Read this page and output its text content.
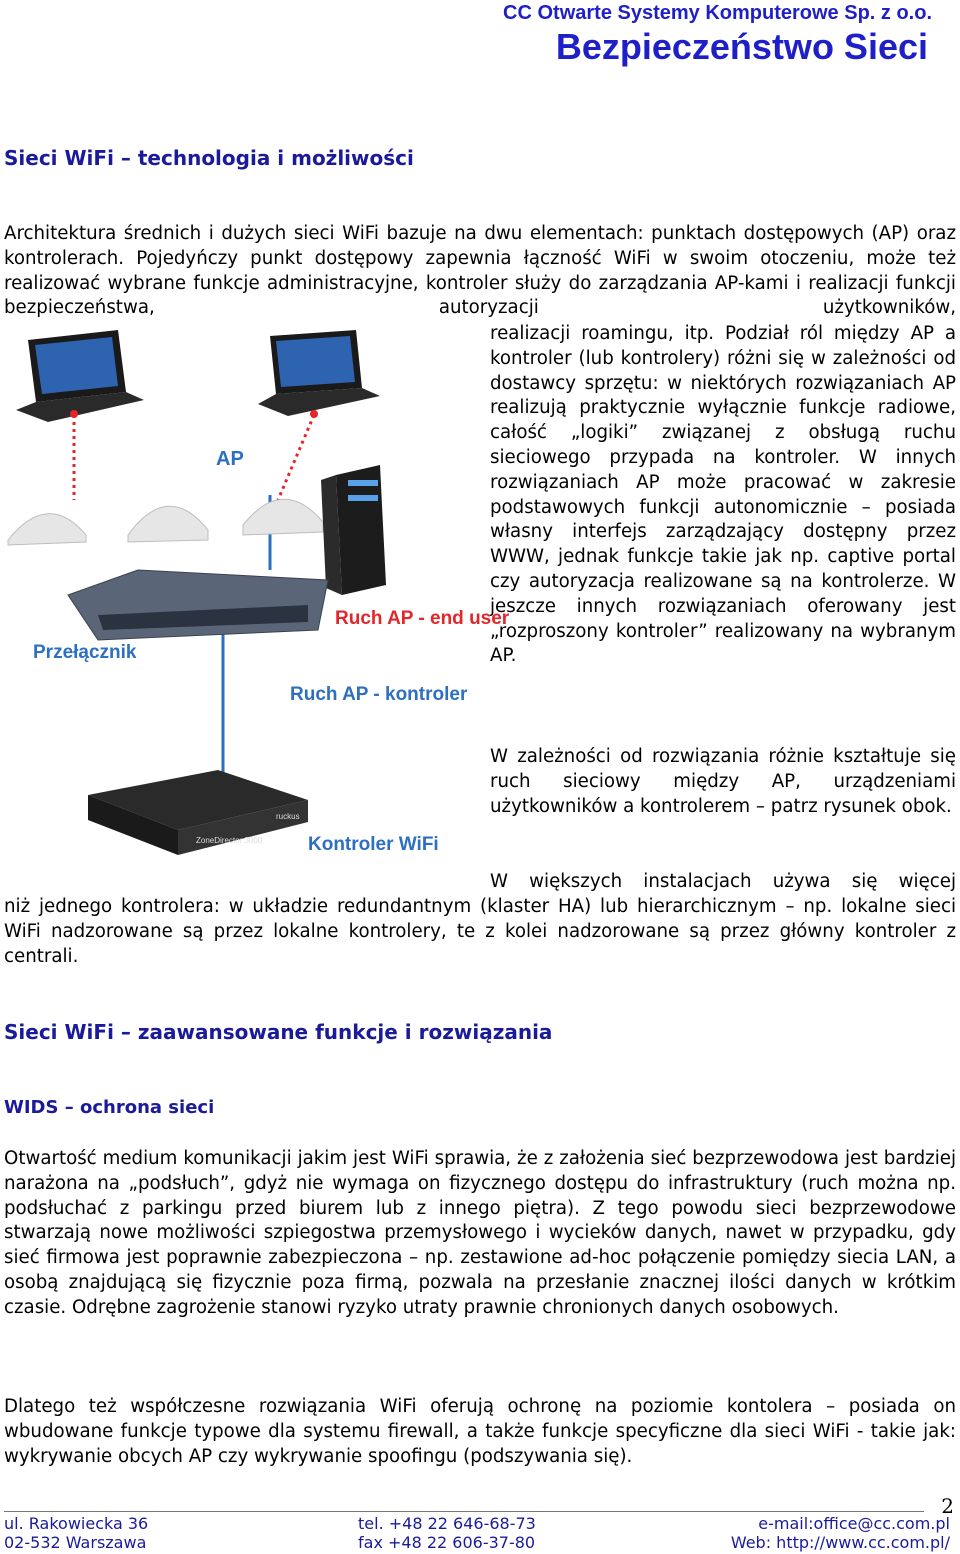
CC Otwarte Systemy Komputerowe Sp. z o.o.
Bezpieczeństwo Sieci
Sieci WiFi – technologia i możliwości

Architektura średnich i dużych sieci WiFi bazuje na dwu elementach: punktach dostępowych (AP) oraz kontrolerach. Pojedyńczy punkt dostępowy zapewnia łączność WiFi w swoim otoczeniu, może też realizować wybrane funkcje administracyjne, kontroler służy do zarządzania AP-kami i realizacji funkcji bezpieczeństwa, autoryzacji użytkowników,

realizacji roamingu, itp. Podział ról między AP a kontroler (lub kontrolery) różni się w zależności od dostawcy sprzętu: w niektórych rozwiązaniach AP realizują praktycznie wyłącznie funkcje radiowe, całość „logiki” związanej z obsługą ruchu sieciowego przypada na kontroler. W innych rozwiązaniach AP może pracować w zakresie podstawowych funkcji autonomicznie – posiada własny interfejs zarządzający dostępny przez WWW, jednak funkcje takie jak np. captive portal czy autoryzacja realizowane są na kontrolerze. W jeszcze innych rozwiązaniach oferowany jest „rozproszony kontroler” realizowany na wybranym AP.

W zależności od rozwiązania różnie kształtuje się ruch sieciowy między AP, urządzeniami użytkowników a kontrolerem – patrz rysunek obok.

W większych instalacjach używa się więcej

niż jednego kontrolera: w układzie redundantnym (klaster HA) lub hierarchicznym – np. lokalne sieci WiFi nadzorowane są przez lokalne kontrolery, te z kolei nadzorowane są przez główny kontroler z centrali.

AP
Ruch AP - end user
Przełącznik
Ruch AP - kontroler
ZoneDirector 3000
ruckus
Kontroler WiFi
Sieci WiFi – zaawansowane funkcje i rozwiązania
WIDS – ochrona sieci

Otwartość medium komunikacji jakim jest WiFi sprawia, że z założenia sieć bezprzewodowa jest bardziej narażona na „podsłuch”, gdyż nie wymaga on fizycznego dostępu do infrastruktury (ruch można np. podsłuchać z parkingu przed biurem lub z innego piętra). Z tego powodu sieci bezprzewodowe stwarzają nowe możliwości szpiegostwa przemysłowego i wycieków danych, nawet w przypadku, gdy sieć firmowa jest poprawnie zabezpieczona – np. zestawione ad-hoc połączenie pomiędzy siecia LAN, a osobą znajdującą się fizycznie poza firmą, pozwala na przesłanie znacznej ilości danych w krótkim czasie. Odrębne zagrożenie stanowi ryzyko utraty prawnie chronionych danych osobowych.

Dlatego też współczesne rozwiązania WiFi oferują ochronę na poziomie kontolera – posiada on wbudowane funkcje typowe dla systemu firewall, a także funkcje specyficzne dla sieci WiFi - takie jak: wykrywanie obcych AP czy wykrywanie spoofingu (podszywania się).

2
ul. Rakowiecka 36
02-532 Warszawa
tel. +48 22 646-68-73
fax +48 22 606-37-80
e-mail:office@cc.com.pl
Web: http://www.cc.com.pl/
